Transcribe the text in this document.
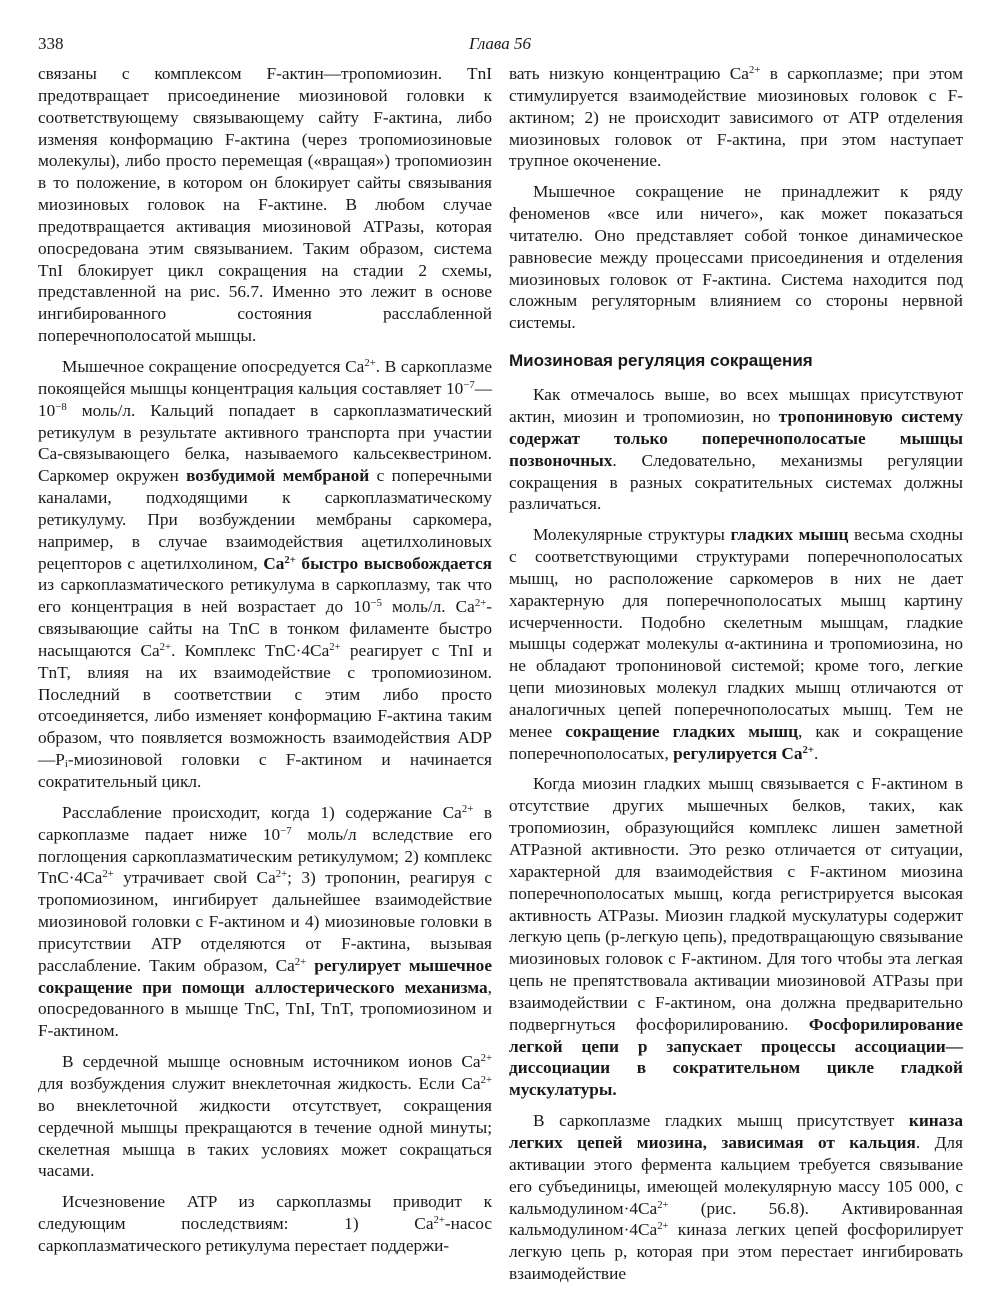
338	Глава 56

связаны с комплексом F-актин—тропомиозин. TnI предотвращает присоединение миозиновой головки к соответствующему связывающему сайту F-актина, либо изменяя конформацию F-актина (через тропомиозиновые молекулы), либо просто перемещая («вращая») тропомиозин в то положение, в котором он блокирует сайты связывания миозиновых головок на F-актине. В любом случае предотвращается активация миозиновой АТРазы, которая опосредована этим связыванием. Таким образом, система TnI блокирует цикл сокращения на стадии 2 схемы, представленной на рис. 56.7. Именно это лежит в основе ингибированного состояния расслабленной поперечнополосатой мышцы.

Мышечное сокращение опосредуется $Ca^{2+}$. В саркоплазме покоящейся мышцы концентрация кальция составляет $10^{-7}—10^{-8}$ моль/л. Кальций попадает в саркоплазматический ретикулум в результате активного транспорта при участии Ca-связывающего белка, называемого кальсеквестрином. Саркомер окружен возбудимой мембраной с поперечными каналами, подходящими к саркоплазматическому ретикулуму. При возбуждении мембраны саркомера, например, в случае взаимодействия ацетилхолиновых рецепторов с ацетилхолином, $Ca^{2+}$ быстро высвобождается из саркоплазматического ретикулума в саркоплазму, так что его концентрация в ней возрастает до $10^{-5}$ моль/л. $Ca^{2+}$-связывающие сайты на TnC в тонком филаменте быстро насыщаются $Ca^{2+}$. Комплекс $TnC\cdot 4Ca^{2+}$ реагирует с TnI и TnT, влияя на их взаимодействие с тропомиозином. Последний в соответствии с этим либо просто отсоединяется, либо изменяет конформацию F-актина таким образом, что появляется возможность взаимодействия $ADP—P_i$-миозиновой головки с F-актином и начинается сократительный цикл.

Расслабление происходит, когда 1) содержание $Ca^{2+}$ в саркоплазме падает ниже $10^{-7}$ моль/л вследствие его поглощения саркоплазматическим ретикулумом; 2) комплекс $TnC\cdot 4Ca^{2+}$ утрачивает свой $Ca^{2+}$; 3) тропонин, реагируя с тропомиозином, ингибирует дальнейшее взаимодействие миозиновой головки с F-актином и 4) миозиновые головки в присутствии ATP отделяются от F-актина, вызывая расслабление. Таким образом, $Ca^{2+}$ регулирует мышечное сокращение при помощи аллостерического механизма, опосредованного в мышце TnC, TnI, TnT, тропомиозином и F-актином.

В сердечной мышце основным источником ионов $Ca^{2+}$ для возбуждения служит внеклеточная жидкость. Если $Ca^{2+}$ во внеклеточной жидкости отсутствует, сокращения сердечной мышцы прекращаются в течение одной минуты; скелетная мышца в таких условиях может сокращаться часами.

Исчезновение ATP из саркоплазмы приводит к следующим последствиям: 1) $Ca^{2+}$-насос саркоплазматического ретикулума перестает поддержи-

вать низкую концентрацию $Ca^{2+}$ в саркоплазме; при этом стимулируется взаимодействие миозиновых головок с F-актином; 2) не происходит зависимого от ATP отделения миозиновых головок от F-актина, при этом наступает трупное окоченение.

Мышечное сокращение не принадлежит к ряду феноменов «все или ничего», как может показаться читателю. Оно представляет собой тонкое динамическое равновесие между процессами присоединения и отделения миозиновых головок от F-актина. Система находится под сложным регуляторным влиянием со стороны нервной системы.

Миозиновая регуляция сокращения

Как отмечалось выше, во всех мышцах присутствуют актин, миозин и тропомиозин, но тропониновую систему содержат только поперечнополосатые мышцы позвоночных. Следовательно, механизмы регуляции сокращения в разных сократительных системах должны различаться.

Молекулярные структуры гладких мышц весьма сходны с соответствующими структурами поперечнополосатых мышц, но расположение саркомеров в них не дает характерную для поперечнополосатых мышц картину исчерченности. Подобно скелетным мышцам, гладкие мышцы содержат молекулы α-актинина и тропомиозина, но не обладают тропониновой системой; кроме того, легкие цепи миозиновых молекул гладких мышц отличаются от аналогичных цепей поперечнополосатых мышц. Тем не менее сокращение гладких мышц, как и сокращение поперечнополосатых, регулируется $Ca^{2+}$.

Когда миозин гладких мышц связывается с F-актином в отсутствие других мышечных белков, таких, как тропомиозин, образующийся комплекс лишен заметной АТРазной активности. Это резко отличается от ситуации, характерной для взаимодействия с F-актином миозина поперечнополосатых мышц, когда регистрируется высокая активность АТРазы. Миозин гладкой мускулатуры содержит легкую цепь (p-легкую цепь), предотвращающую связывание миозиновых головок с F-актином. Для того чтобы эта легкая цепь не препятствовала активации миозиновой АТРазы при взаимодействии с F-актином, она должна предварительно подвергнуться фосфорилированию. Фосфорилирование легкой цепи p запускает процессы ассоциации—диссоциации в сократительном цикле гладкой мускулатуры.

В саркоплазме гладких мышц присутствует киназа легких цепей миозина, зависимая от кальция. Для активации этого фермента кальцием требуется связывание его субъединицы, имеющей молекулярную массу 105 000, с $кальмодулином\cdot 4Ca^{2+}$ (рис. 56.8). Активированная $кальмодулином\cdot 4Ca^{2+}$ киназа легких цепей фосфорилирует легкую цепь p, которая при этом перестает ингибировать взаимодействие
